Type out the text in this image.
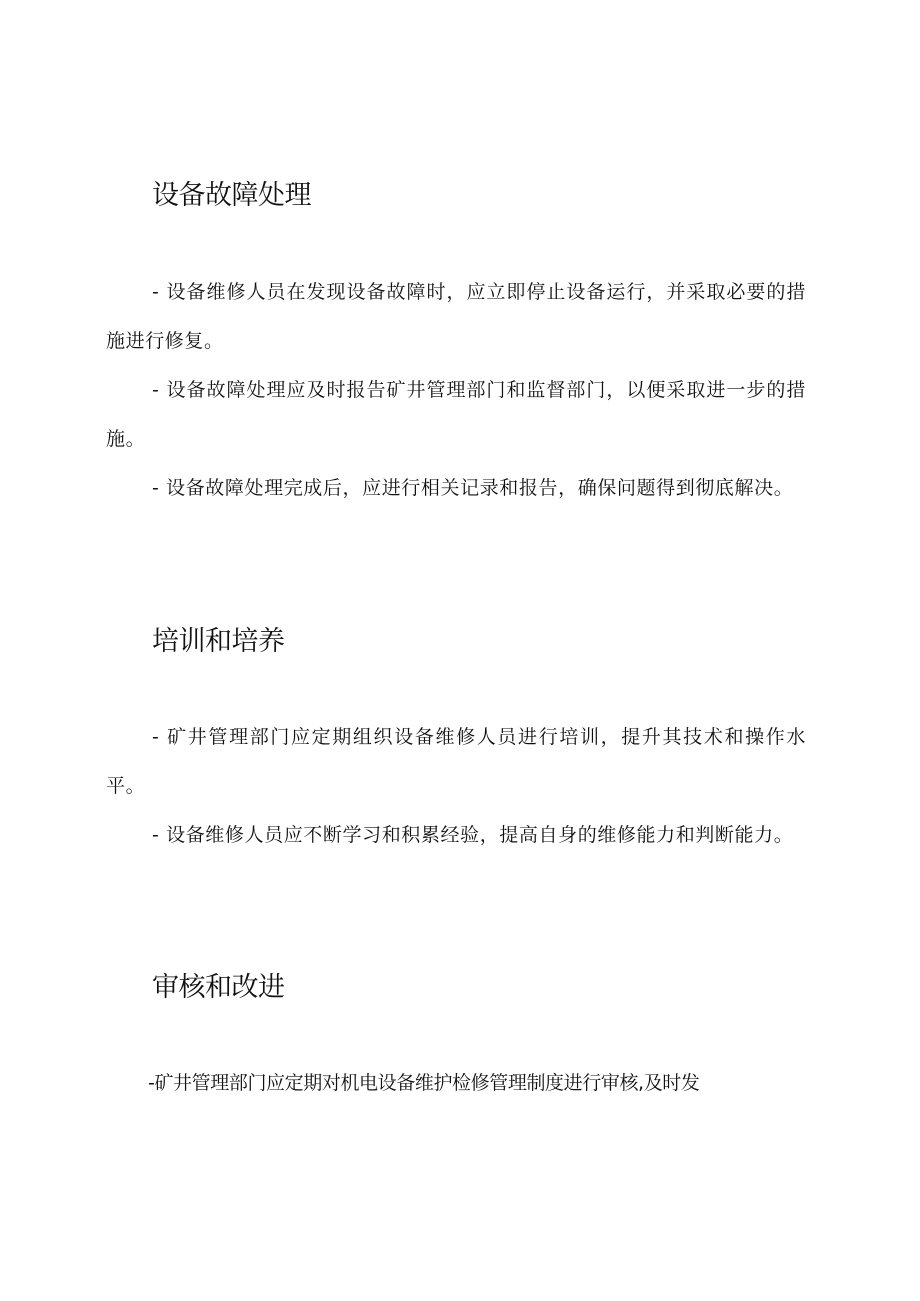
设备故障处理

- 设备维修人员在发现设备故障时，应立即停止设备运行，并采取必要的措施进行修复。

- 设备故障处理应及时报告矿井管理部门和监督部门，以便采取进一步的措施。

- 设备故障处理完成后，应进行相关记录和报告，确保问题得到彻底解决。

培训和培养

- 矿井管理部门应定期组织设备维修人员进行培训，提升其技术和操作水平。

- 设备维修人员应不断学习和积累经验，提高自身的维修能力和判断能力。

审核和改进

-矿井管理部门应定期对机电设备维护检修管理制度进行审核,及时发
